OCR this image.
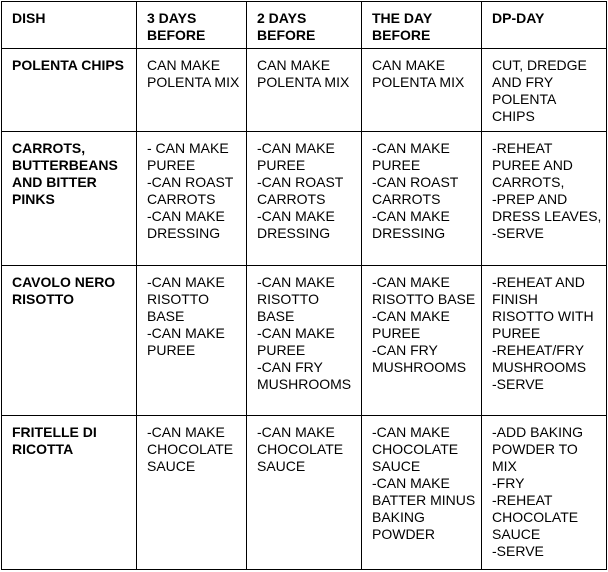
DISH	3 DAYS BEFORE	2 DAYS BEFORE	THE DAY BEFORE	DP-DAY
POLENTA CHIPS	CAN MAKE POLENTA MIX	CAN MAKE POLENTA MIX	CAN MAKE POLENTA MIX	CUT, DREDGE AND FRY POLENTA CHIPS
CARROTS, BUTTERBEANS AND BITTER PINKS	- CAN MAKE PUREE
-CAN ROAST CARROTS
-CAN MAKE DRESSING	-CAN MAKE PUREE
-CAN ROAST CARROTS
-CAN MAKE DRESSING	-CAN MAKE PUREE
-CAN ROAST CARROTS
-CAN MAKE DRESSING	-REHEAT PUREE AND CARROTS,
-PREP AND DRESS LEAVES,
-SERVE
CAVOLO NERO RISOTTO	-CAN MAKE RISOTTO BASE
-CAN MAKE PUREE	-CAN MAKE RISOTTO BASE
-CAN MAKE PUREE
-CAN FRY MUSHROOMS	-CAN MAKE RISOTTO BASE
-CAN MAKE PUREE
-CAN FRY MUSHROOMS	-REHEAT AND FINISH RISOTTO WITH PUREE
-REHEAT/FRY MUSHROOMS
-SERVE
FRITELLE DI RICOTTA	-CAN MAKE CHOCOLATE SAUCE	-CAN MAKE CHOCOLATE SAUCE	-CAN MAKE CHOCOLATE SAUCE
-CAN MAKE BATTER MINUS BAKING POWDER	-ADD BAKING POWDER TO MIX
-FRY
-REHEAT CHOCOLATE SAUCE
-SERVE
